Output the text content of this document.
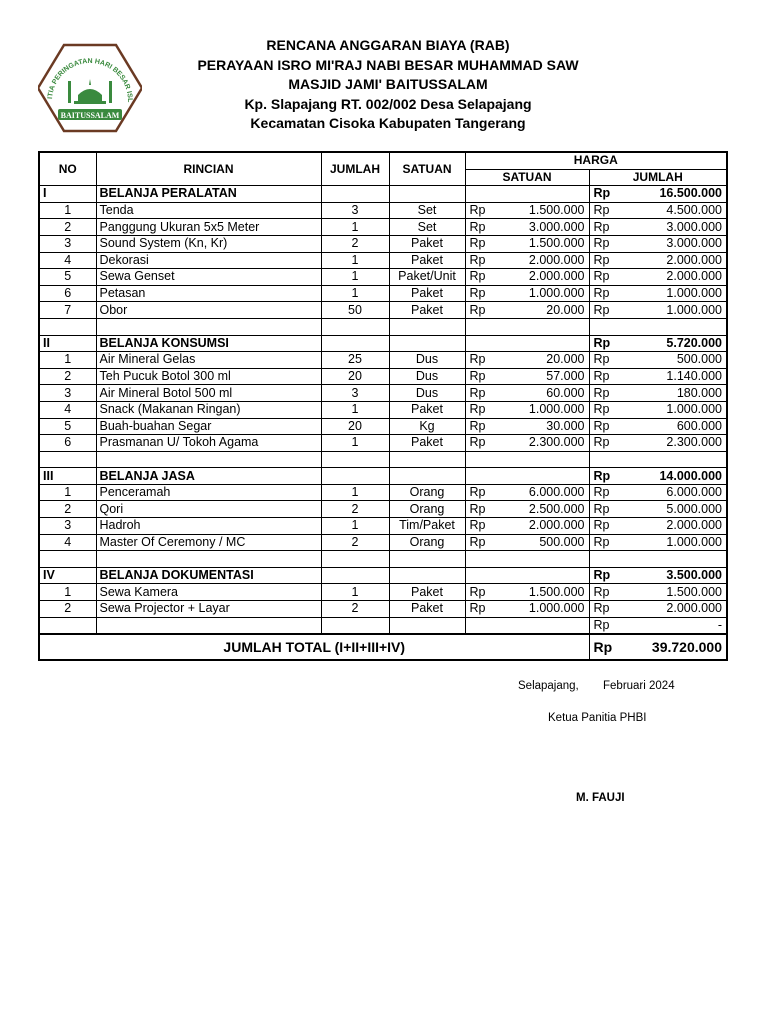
ITIA PERINGATAN HARI BESAR ISL
BAITUSSALAM
RENCANA ANGGARAN BIAYA (RAB)
PERAYAAN ISRO MI'RAJ NABI BESAR MUHAMMAD SAW
MASJID JAMI' BAITUSSALAM
Kp. Slapajang RT. 002/002 Desa Selapajang
Kecamatan Cisoka Kabupaten Tangerang
NO	RINCIAN	JUMLAH	SATUAN	HARGA			
				SATUAN		JUMLAH	
I	BELANJA PERALATAN					Rp	16.500.000
1	Tenda	3	Set	Rp	1.500.000	Rp	4.500.000
2	Panggung Ukuran 5x5 Meter	1	Set	Rp	3.000.000	Rp	3.000.000
3	Sound System (Kn, Kr)	2	Paket	Rp	1.500.000	Rp	3.000.000
4	Dekorasi	1	Paket	Rp	2.000.000	Rp	2.000.000
5	Sewa Genset	1	Paket/Unit	Rp	2.000.000	Rp	2.000.000
6	Petasan	1	Paket	Rp	1.000.000	Rp	1.000.000
7	Obor	50	Paket	Rp	20.000	Rp	1.000.000

II	BELANJA KONSUMSI					Rp	5.720.000
1	Air Mineral Gelas	25	Dus	Rp	20.000	Rp	500.000
2	Teh Pucuk Botol 300 ml	20	Dus	Rp	57.000	Rp	1.140.000
3	Air Mineral Botol 500 ml	3	Dus	Rp	60.000	Rp	180.000
4	Snack (Makanan Ringan)	1	Paket	Rp	1.000.000	Rp	1.000.000
5	Buah-buahan Segar	20	Kg	Rp	30.000	Rp	600.000
6	Prasmanan U/ Tokoh Agama	1	Paket	Rp	2.300.000	Rp	2.300.000

III	BELANJA JASA					Rp	14.000.000
1	Penceramah	1	Orang	Rp	6.000.000	Rp	6.000.000
2	Qori	2	Orang	Rp	2.500.000	Rp	5.000.000
3	Hadroh	1	Tim/Paket	Rp	2.000.000	Rp	2.000.000
4	Master Of Ceremony / MC	2	Orang	Rp	500.000	Rp	1.000.000

IV	BELANJA DOKUMENTASI					Rp	3.500.000
1	Sewa Kamera	1	Paket	Rp	1.500.000	Rp	1.500.000
2	Sewa Projector + Layar	2	Paket	Rp	1.000.000	Rp	2.000.000
						Rp	-
JUMLAH TOTAL (I+II+III+IV)						Rp	39.720.000
Selapajang, Februari 2024
Ketua Panitia PHBI
M. FAUJI
